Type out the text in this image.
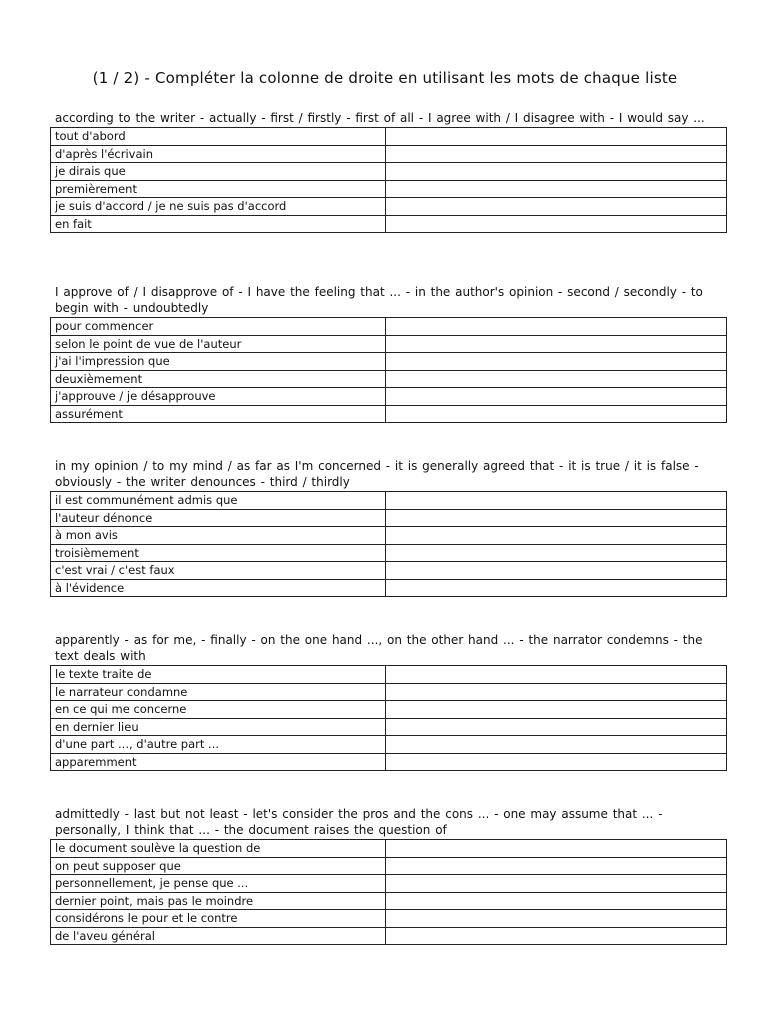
(1 / 2) - Compléter la colonne de droite en utilisant les mots de chaque liste

according to the writer - actually - first / firstly - first of all - I agree with / I disagree with - I would say ...

tout d'abord	
d'après l'écrivain	
je dirais que	
premièrement	
je suis d'accord / je ne suis pas d'accord	
en fait	

I approve of / I disapprove of - I have the feeling that ... - in the author's opinion - second / secondly - to begin with - undoubtedly

pour commencer	
selon le point de vue de l'auteur	
j'ai l'impression que	
deuxièmement	
j'approuve / je désapprouve	
assurément	

in my opinion / to my mind / as far as I'm concerned - it is generally agreed that - it is true / it is false - obviously - the writer denounces - third / thirdly

il est communément admis que	
l'auteur dénonce	
à mon avis	
troisièmement	
c'est vrai / c'est faux	
à l'évidence	

apparently - as for me, - finally - on the one hand ..., on the other hand ... - the narrator condemns - the text deals with

le texte traite de	
le narrateur condamne	
en ce qui me concerne	
en dernier lieu	
d'une part ..., d'autre part ...	
apparemment	

admittedly - last but not least - let's consider the pros and the cons ... - one may assume that ... - personally, I think that ... - the document raises the question of

le document soulève la question de	
on peut supposer que	
personnellement, je pense que ...	
dernier point, mais pas le moindre	
considérons le pour et le contre	
de l'aveu général	
